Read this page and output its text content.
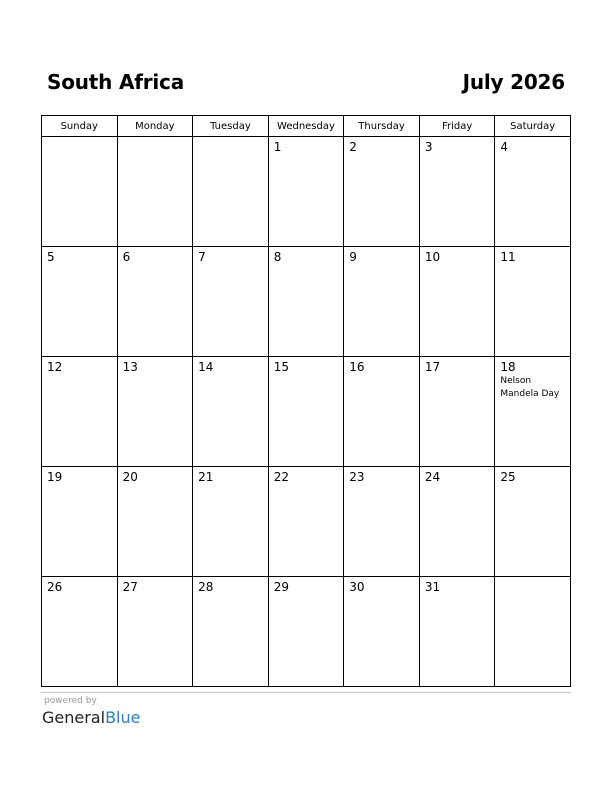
South Africa	July 2026
Sunday	Monday	Tuesday	Wednesday	Thursday	Friday	Saturday

			1	2	3	4

5	6	7	8	9	10	11

12	13	14	15	16	17	18
Nelson Mandela Day

19	20	21	22	23	24	25

26	27	28	29	30	31	

powered by
GeneralBlue
